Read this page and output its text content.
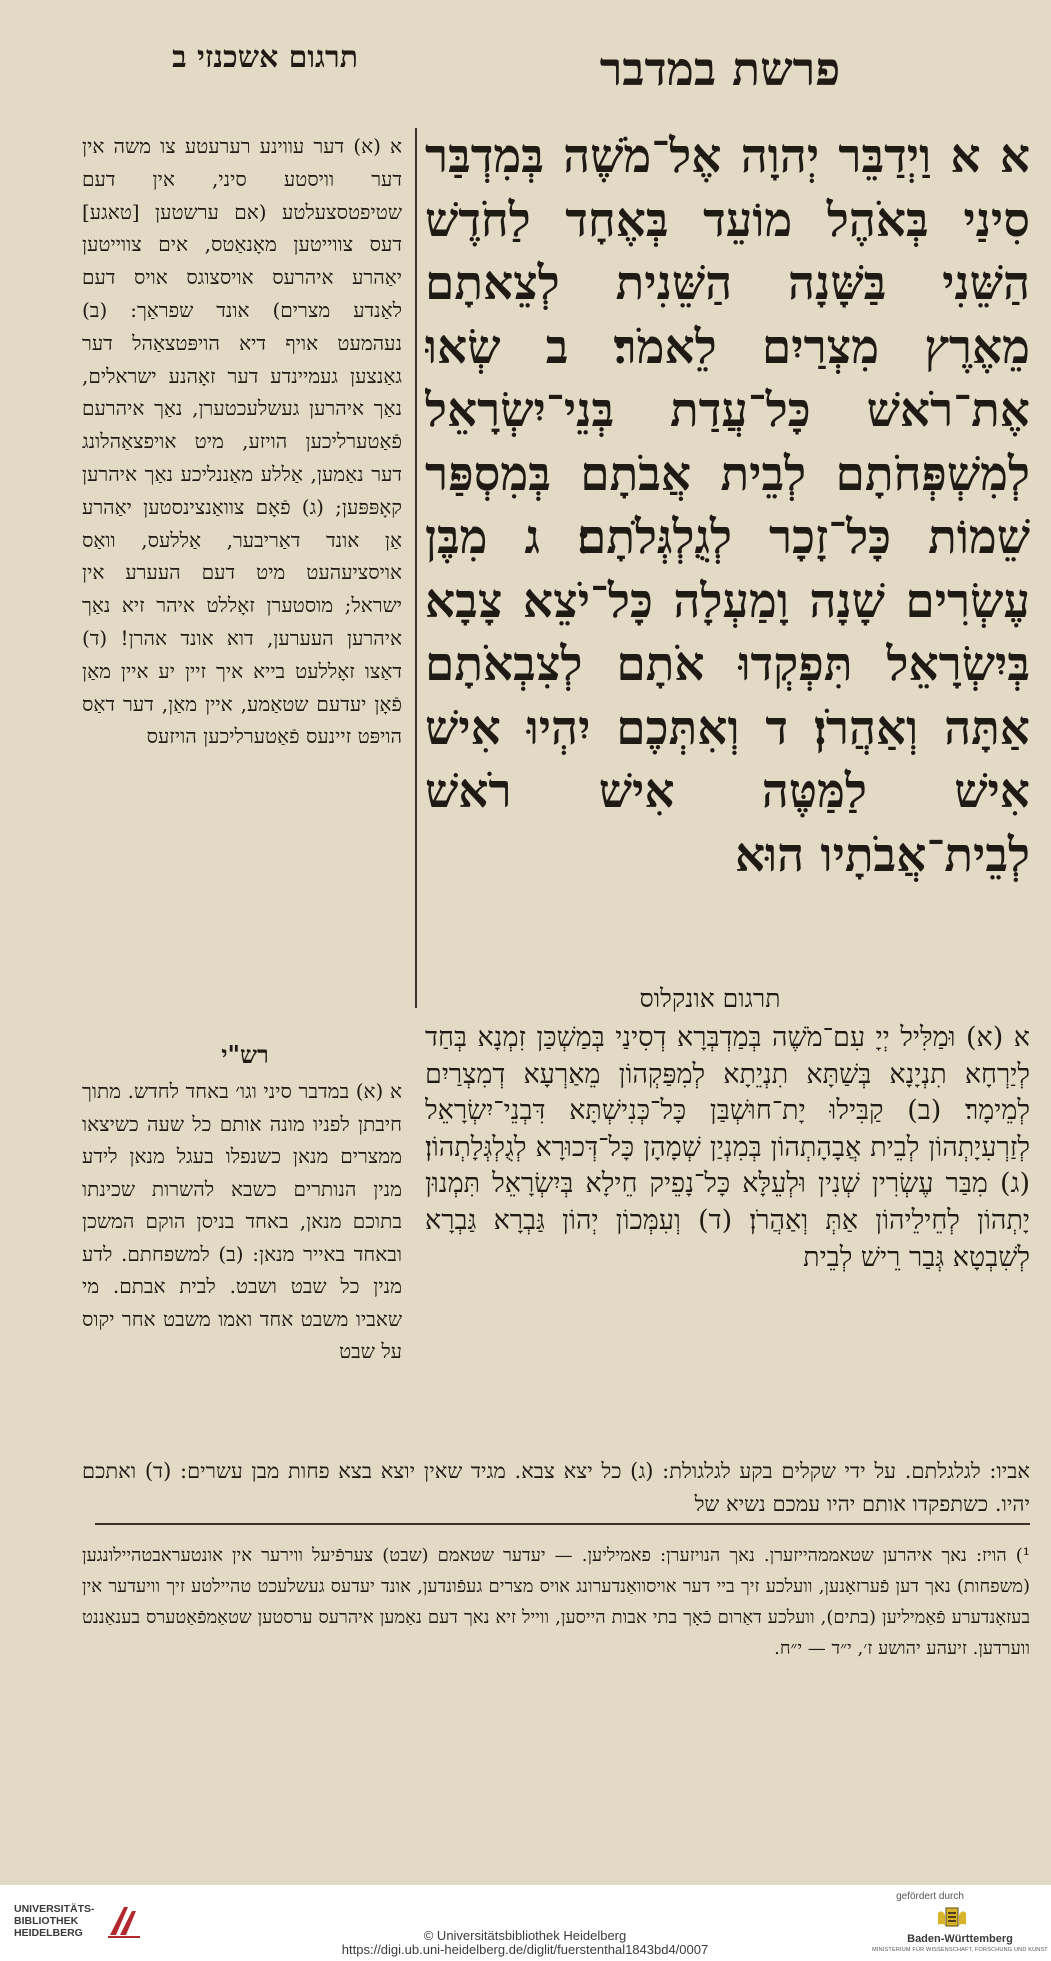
תרגום אשכנזי ב	פרשת במדבר
א (א) דער עווינע רערעטע צו משה אין דער וויסטע סיני, אין דעם שטיפטסצעלטע (אם ערשטען [טאגע] דעס צווייטען מאָנאַטס, אים צווייטען יאַהרע איהרעס אויסצוגס אויס דעם לאַנדע מצרים) אונד שפראַך: (ב) נעהמעט אויף דיא הויפּטצאַהל דער גאַנצען געמיינדע דער זאָהנע ישראלים, נאַך איהרען געשלעכטערן, נאַך איהרעם פֿאַטערליכען הויזע, מיט אויפצאַהלונג דער נאַמען, אַללע מאַננליכע נאַך איהרען קאָפּפּען; (ג) פֿאָם צוואַנצינסטען יאַהרע אַן אונד דאַריבער, אַללעס, וואַס אויסציעהעט מיט דעם העערע אין ישראל; מוסטערן זאָללט איהר זיא נאַך איהרען העערען, דוא אונד אהרן! (ד) דאַצו זאָללעט בייא איך זיין יע איין מאַן פֿאָן יעדעם שטאַמע, איין מאַן, דער דאַס הויפּט זיינעס פֿאַטערליכען הויזעס
א א וַיְדַבֵּר יְהוָה אֶל־מֹשֶׁה בְּמִדְבַּר סִינַי בְּאֹהֶל מוֹעֵד בְּאֶחָד לַחֹדֶשׁ הַשֵּׁנִי בַּשָּׁנָה הַשֵּׁנִית לְצֵאתָם מֵאֶרֶץ מִצְרַיִם לֵאמֹר׃ ב שְׂאוּ אֶת־רֹאשׁ כָּל־עֲדַת בְּנֵי־יִשְׂרָאֵל לְמִשְׁפְּחֹתָם לְבֵית אֲבֹתָם בְּמִסְפַּר שֵׁמוֹת כָּל־זָכָר לְגֻלְגְּלֹתָם׃ ג מִבֶּן עֶשְׂרִים שָׁנָה וָמַעְלָה כָּל־יֹצֵא צָבָא בְּיִשְׂרָאֵל תִּפְקְדוּ אֹתָם לְצִבְאֹתָם אַתָּה וְאַהֲרֹן׃ ד וְאִתְּכֶם יִהְיוּ אִישׁ אִישׁ לַמַּטֶּה אִישׁ רֹאשׁ לְבֵית־אֲבֹתָיו הוּא
תרגום אונקלוס
א (א) וּמַלִּיל יְיָ עִם־מֹשֶׁה בְּמַדְבְּרָא דְסִינַי בְּמַשְׁכַּן זִמְנָא בְּחַד לְיַרְחָא תִנְיָנָא בְּשַׁתָּא תִנְיֵתָא לְמִפַּקְהוֹן מֵאַרְעָא דְמִצְרַיִם לְמֵימָר׃ (ב) קַבִּילוּ יָת־חוּשְׁבַּן כָּל־כְּנִישְׁתָּא דִּבְנֵי־יִשְׂרָאֵל לְזַרְעִיָתְהוֹן לְבֵית אֲבָהָתְהוֹן בְּמִנְיַן שְׁמָהָן כָּל־דְּכוּרָא לְגֻלְגְּלָתְהוֹן׃ (ג) מִבַּר עֶשְׂרִין שְׁנִין וּלְעֵלָּא כָּל־נָפֵיק חֵילָא בְּיִשְׂרָאֵל תִּמְנוּן יָתְהוֹן לְחֵילֵיהוֹן אַתְּ וְאַהֲרֹן׃ (ד) וְעִמְּכוֹן יְהוֹן גַּבְרָא גַּבְרָא לְשִׁבְטָא גְּבַר רֵישׁ לְבֵית
רש"י
א (א) במדבר סיני וגו׳ באחד לחדש. מתוך חיבתן לפניו מונה אותם כל שעה כשיצאו ממצרים מנאן כשנפלו בעגל מנאן לידע מנין הנותרים כשבא להשרות שכינתו בתוכם מנאן, באחד בניסן הוקם המשכן ובאחד באייר מנאן: (ב) למשפחתם. לדע מנין כל שבט ושבט. לבית אבתם. מי שאביו משבט אחד ואמו משבט אחר יקוס על שבט
אביו: לגלגלתם. על ידי שקלים בקע לגלגולת: (ג) כל יצא צבא. מגיד שאין יוצא בצא פחות מבן עשרים: (ד) ואתכם יהיו. כשתפקדו אותם יהיו עמכם נשיא של
¹) הויז: נאך איהרען שטאממהייזערן. נאך הנויזערן: פאמיליען. — יעדער שטאמם (שבט) צערפֿיעל ווירער אין אונטעראבטהיילונגען (משפחות) נאך דען פֿערזאָנען, וועלכע זיך ביי דער אויסוואַנדערונג אויס מצרים געפֿונדען, אונד יעדעס געשלעכט טהיילטע זיך וויעדער אין בעזאָנדערע פֿאַמיליען (בתים), וועלכע דאַרום כֿאָך בתי אבות הייסען, ווייל זיא נאך דעם נאַמען איהרעס ערסטען שטאַמפֿאַטערס בענאַננט ווערדען. זיעהע יהושע ז׳, י״ד — י״ח.
UNIVERSITÄTS-
BIBLIOTHEK
HEIDELBERG	© Universitätsbibliothek Heidelberg
https://digi.ub.uni-heidelberg.de/diglit/fuerstenthal1843bd4/0007
gefördert durch
Baden-Württemberg
MINISTERIUM FÜR WISSENSCHAFT, FORSCHUNG UND KUNST
